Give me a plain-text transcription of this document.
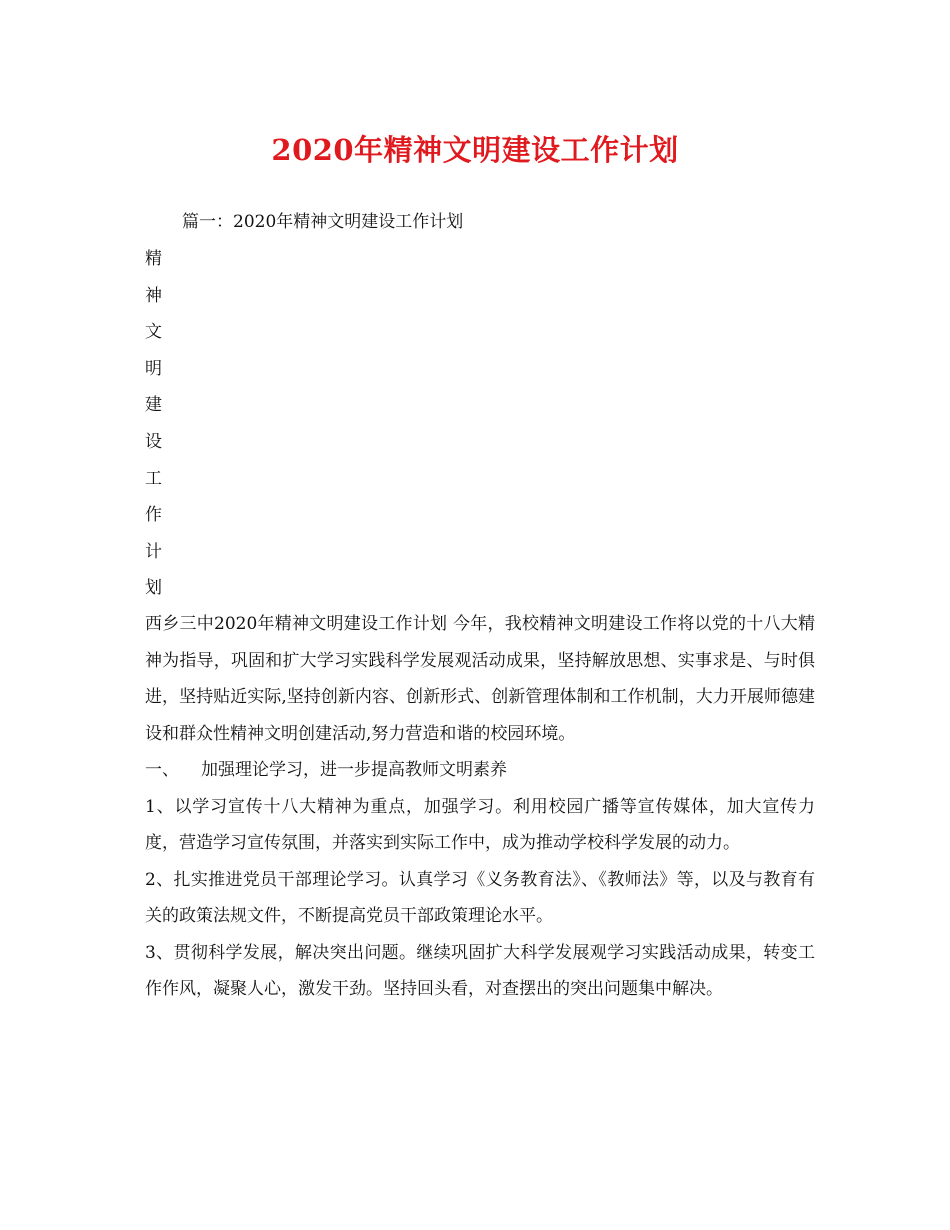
2020年精神文明建设工作计划
篇一：2020年精神文明建设工作计划
精
神
文
明
建
设
工
作
计
划

西乡三中2020年精神文明建设工作计划 今年，我校精神文明建设工作将以党的十八大精神为指导，巩固和扩大学习实践科学发展观活动成果，坚持解放思想、实事求是、与时俱进，坚持贴近实际,坚持创新内容、创新形式、创新管理体制和工作机制，大力开展师德建设和群众性精神文明创建活动,努力营造和谐的校园环境。

一、 加强理论学习，进一步提高教师文明素养

1、以学习宣传十八大精神为重点，加强学习。利用校园广播等宣传媒体，加大宣传力度，营造学习宣传氛围，并落实到实际工作中，成为推动学校科学发展的动力。

2、扎实推进党员干部理论学习。认真学习《义务教育法》、《教师法》等，以及与教育有关的政策法规文件，不断提高党员干部政策理论水平。

3、贯彻科学发展，解决突出问题。继续巩固扩大科学发展观学习实践活动成果，转变工作作风，凝聚人心，激发干劲。坚持回头看，对查摆出的突出问题集中解决。
